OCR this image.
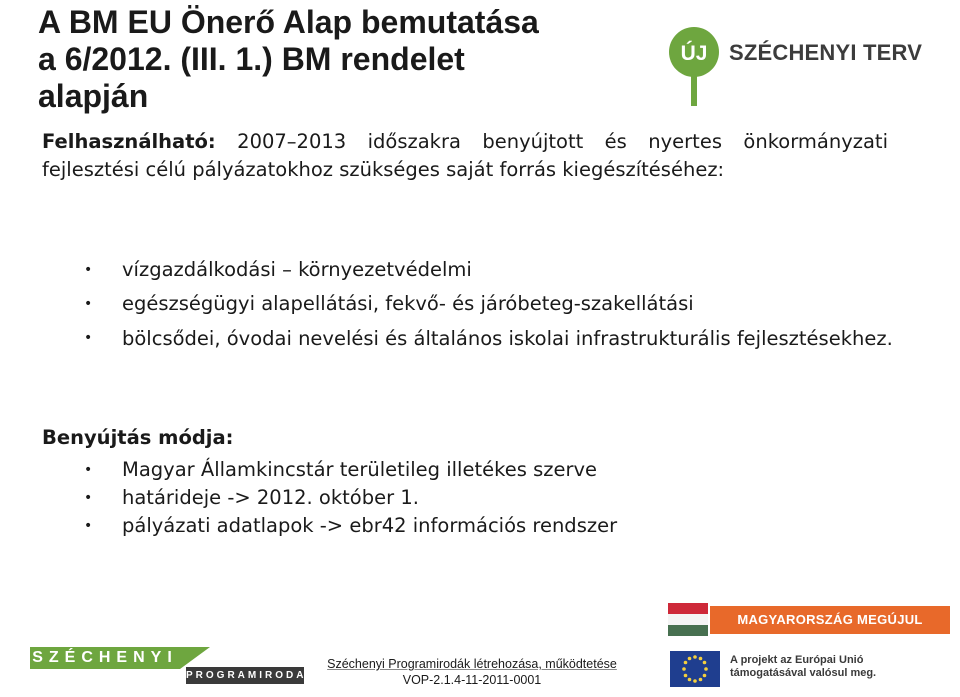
A BM EU Önerő Alap bemutatása
a 6/2012. (III. 1.) BM rendelet
alapján
ÚJ SZÉCHENYI TERV

Felhasználható: 2007–2013 időszakra benyújtott és nyertes önkormányzati fejlesztési célú pályázatokhoz szükséges saját forrás kiegészítéséhez:

• vízgazdálkodási – környezetvédelmi
• egészségügyi alapellátási, fekvő- és járóbeteg-szakellátási
• bölcsődei, óvodai nevelési és általános iskolai infrastrukturális fejlesztésekhez.

Benyújtás módja:

• Magyar Államkincstár területileg illetékes szerve
• határideje -> 2012. október 1.
• pályázati adatlapok -> ebr42 információs rendszer
SZÉCHENYI
PROGRAMIRODA
Széchenyi Programirodák létrehozása, működtetése
VOP-2.1.4-11-2011-0001
MAGYARORSZÁG MEGÚJUL
A projekt az Európai Unió
támogatásával valósul meg.
